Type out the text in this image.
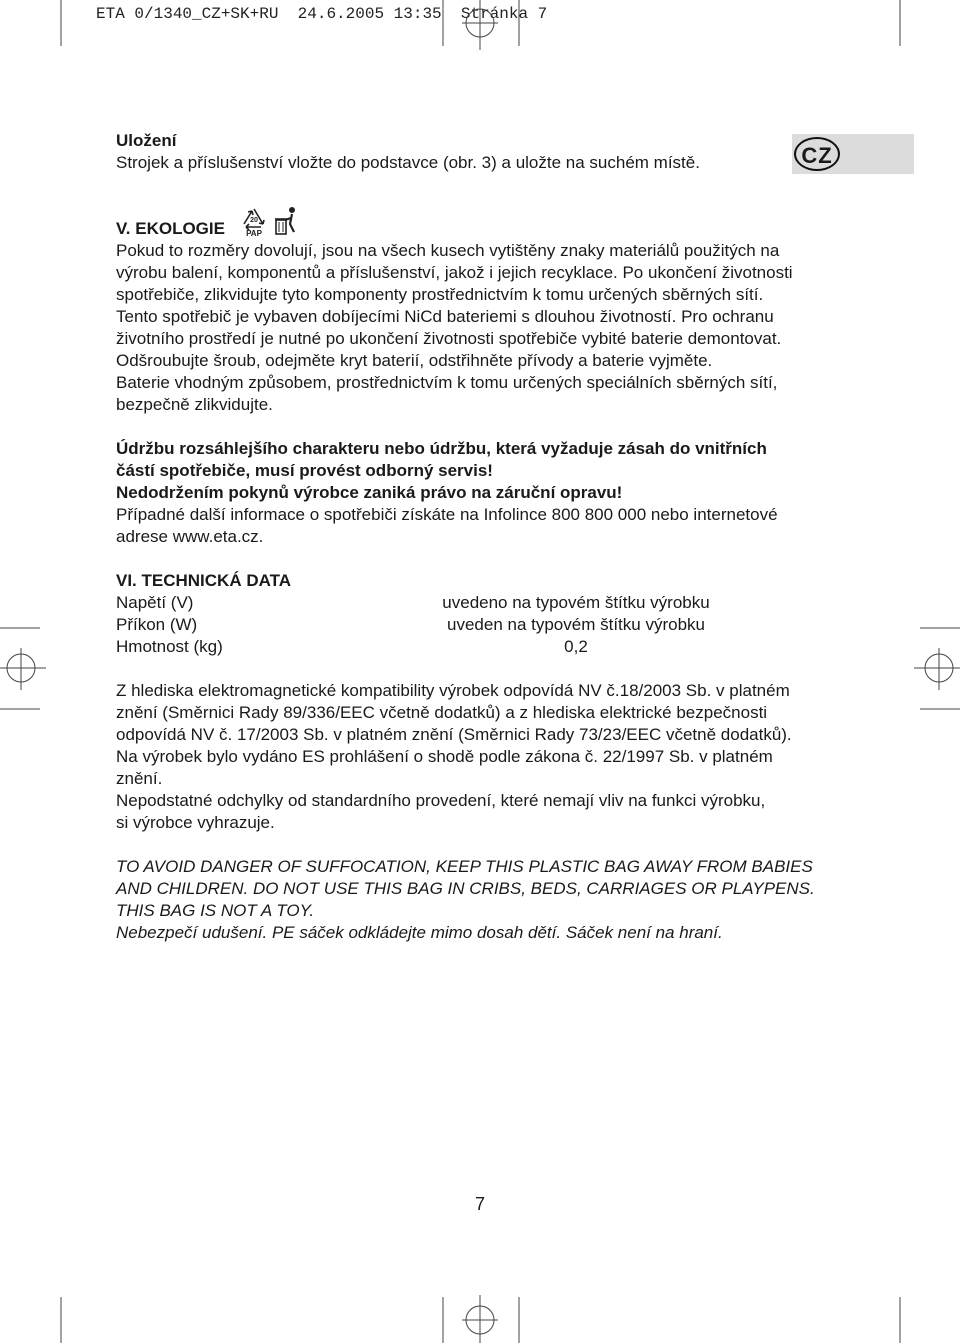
ETA 0/1340_CZ+SK+RU  24.6.2005 13:35  Stránka 7
CZ

Uložení

Strojek a příslušenství vložte do podstavce (obr. 3) a uložte na suchém místě.

V. EKOLOGIE	20
PAP

Pokud to rozměry dovolují, jsou na všech kusech vytištěny znaky materiálů použitých na

výrobu balení, komponentů a příslušenství, jakož i jejich recyklace. Po ukončení životnosti

spotřebiče, zlikvidujte tyto komponenty prostřednictvím k tomu určených sběrných sítí.

Tento spotřebič je vybaven dobíjecími NiCd bateriemi s dlouhou životností. Pro ochranu

životního prostředí je nutné po ukončení životnosti spotřebiče vybité baterie demontovat.

Odšroubujte šroub, odejměte kryt baterií, odstřihněte přívody a baterie vyjměte.

Baterie vhodným způsobem, prostřednictvím k tomu určených speciálních sběrných sítí,

bezpečně zlikvidujte.

Údržbu rozsáhlejšího charakteru nebo údržbu, která vyžaduje zásah do vnitřních

částí spotřebiče, musí provést odborný servis!

Nedodržením pokynů výrobce zaniká právo na záruční opravu!

Případné další informace o spotřebiči získáte na Infolince 800 800 000 nebo internetové

adrese www.eta.cz.

VI. TECHNICKÁ DATA

Napětí (V)	uvedeno na typovém štítku výrobku
Příkon (W)	uveden na typovém štítku výrobku
Hmotnost (kg)	0,2

Z hlediska elektromagnetické kompatibility výrobek odpovídá NV č.18/2003 Sb. v platném

znění (Směrnici Rady 89/336/EEC včetně dodatků) a z hlediska elektrické bezpečnosti

odpovídá NV č. 17/2003 Sb. v platném znění (Směrnici Rady 73/23/EEC včetně dodatků).

Na výrobek bylo vydáno ES prohlášení o shodě podle zákona č. 22/1997 Sb. v platném

znění.

Nepodstatné odchylky od standardního provedení, které nemají vliv na funkci výrobku,

si výrobce vyhrazuje.

TO AVOID DANGER OF SUFFOCATION, KEEP THIS PLASTIC BAG AWAY FROM BABIES

AND CHILDREN. DO NOT USE THIS BAG IN CRIBS, BEDS, CARRIAGES OR PLAYPENS.

THIS BAG IS NOT A TOY.

Nebezpečí udušení. PE sáček odkládejte mimo dosah dětí. Sáček není na hraní.

7
